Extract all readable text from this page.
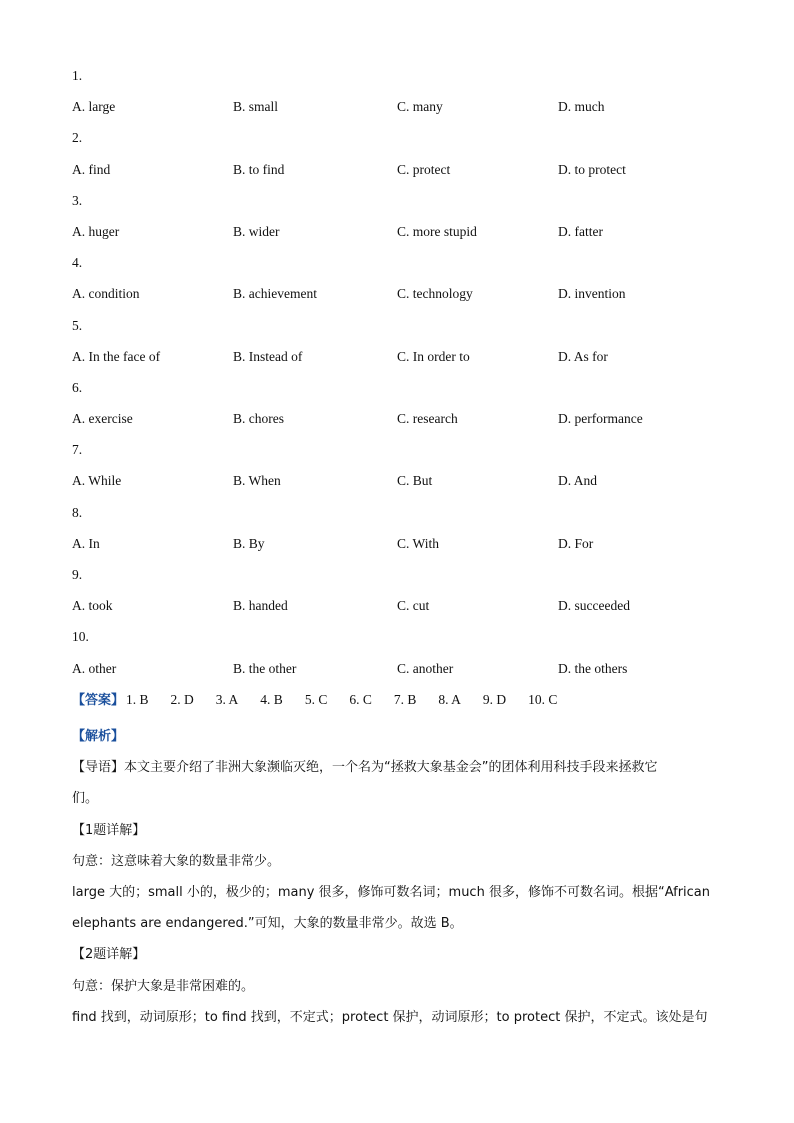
1.
A. large	B. small	C. many	D. much
2.
A. find	B. to find	C. protect	D. to protect
3.
A. huger	B. wider	C. more stupid	D. fatter
4.
A. condition	B. achievement	C. technology	D. invention
5.
A. In the face of	B. Instead of	C. In order to	D. As for
6.
A. exercise	B. chores	C. research	D. performance
7.
A. While	B. When	C. But	D. And
8.
A. In	B. By	C. With	D. For
9.
A. took	B. handed	C. cut	D. succeeded
10.
A. other	B. the other	C. another	D. the others
【答案】 1. B 2. D 3. A 4. B 5. C 6. C 7. B 8. A 9. D 10. C
【解析】
【导语】本文主要介绍了非洲大象濒临灭绝，一个名为“拯救大象基金会”的团体利用科技手段来拯救它
们。
【1题详解】
句意：这意味着大象的数量非常少。
large 大的；small 小的，极少的；many 很多，修饰可数名词；much 很多，修饰不可数名词。根据“African
elephants are endangered.”可知，大象的数量非常少。故选 B。
【2题详解】
句意：保护大象是非常困难的。
find 找到，动词原形；to find 找到，不定式；protect 保护，动词原形；to protect 保护，不定式。该处是句
